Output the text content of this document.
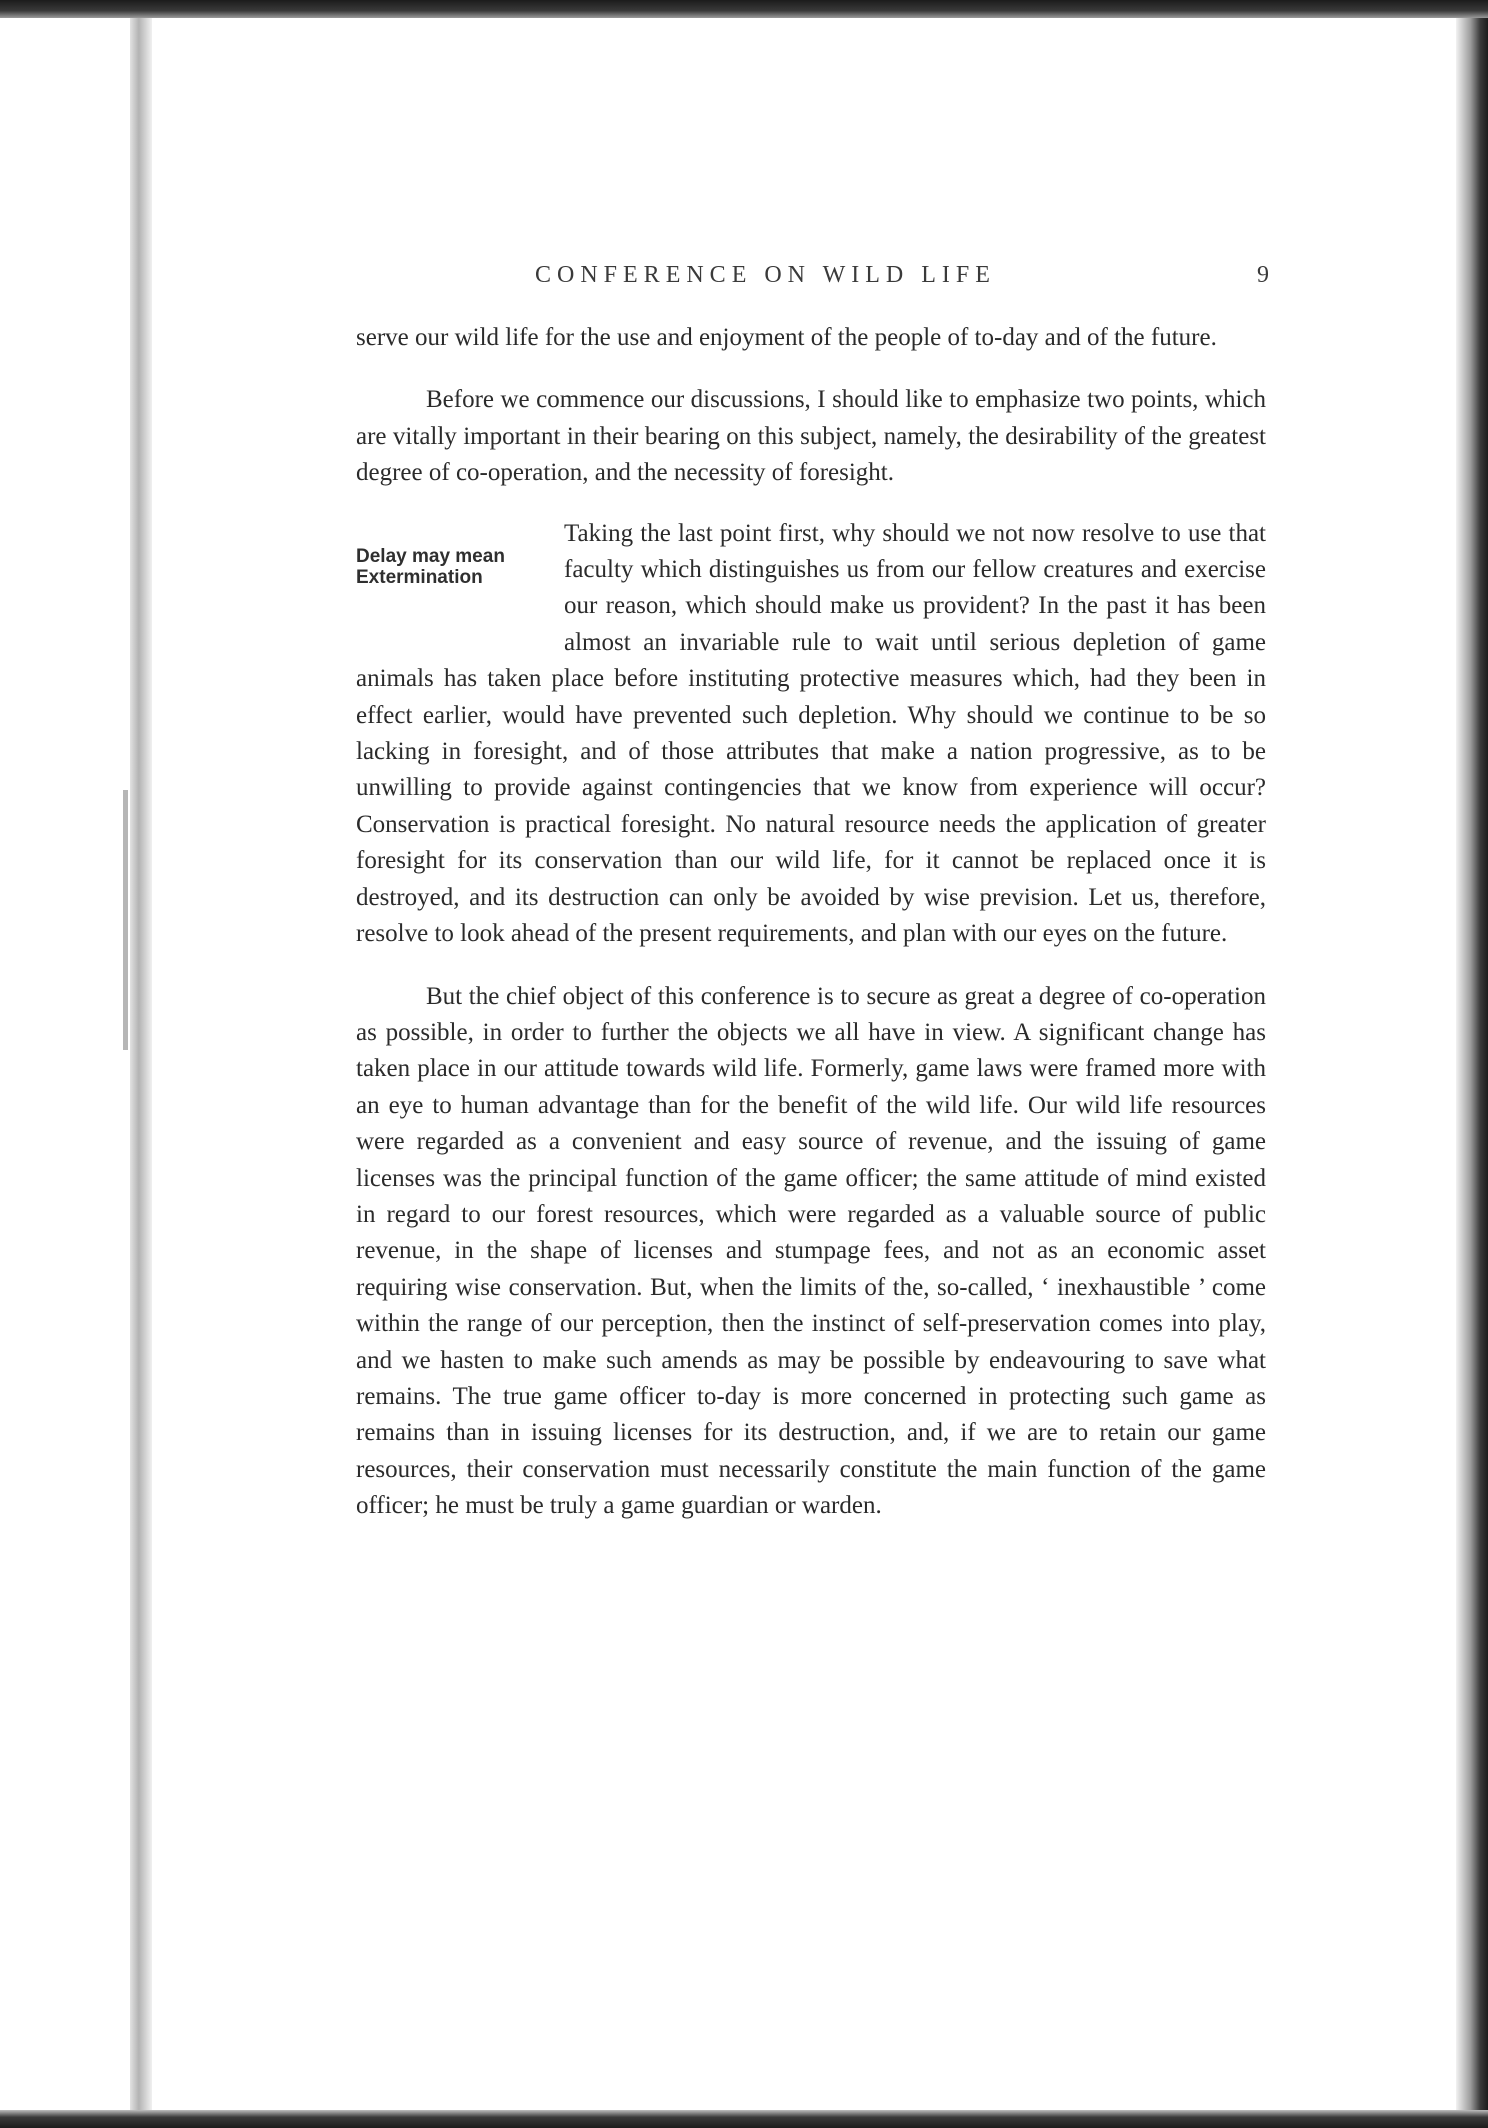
CONFERENCE ON WILD LIFE	9

serve our wild life for the use and enjoyment of the people of to-day and of the future.

Before we commence our discussions, I should like to emphasize two points, which are vitally important in their bearing on this subject, namely, the desirability of the greatest degree of co-operation, and the necessity of foresight.

Delay may mean
Extermination

Taking the last point first, why should we not now resolve to use that faculty which distinguishes us from our fellow creatures and exercise our reason, which should make us provident? In the past it has been almost an invariable rule to wait until serious depletion of game animals has taken place before instituting protective measures which, had they been in effect earlier, would have prevented such depletion. Why should we continue to be so lacking in foresight, and of those attributes that make a nation progressive, as to be unwilling to provide against contingencies that we know from experience will occur? Conservation is practical foresight. No natural resource needs the application of greater foresight for its conservation than our wild life, for it cannot be replaced once it is destroyed, and its destruction can only be avoided by wise prevision. Let us, therefore, resolve to look ahead of the present requirements, and plan with our eyes on the future.

But the chief object of this conference is to secure as great a degree of co-operation as possible, in order to further the objects we all have in view. A significant change has taken place in our attitude towards wild life. Formerly, game laws were framed more with an eye to human advantage than for the benefit of the wild life. Our wild life resources were regarded as a convenient and easy source of revenue, and the issuing of game licenses was the principal function of the game officer; the same attitude of mind existed in regard to our forest resources, which were regarded as a valuable source of public revenue, in the shape of licenses and stumpage fees, and not as an economic asset requiring wise conservation. But, when the limits of the, so-called, ‘ inexhaustible ’ come within the range of our perception, then the instinct of self-preservation comes into play, and we hasten to make such amends as may be possible by endeavouring to save what remains. The true game officer to-day is more concerned in protecting such game as remains than in issuing licenses for its destruction, and, if we are to retain our game resources, their conservation must necessarily constitute the main function of the game officer; he must be truly a game guardian or warden.
